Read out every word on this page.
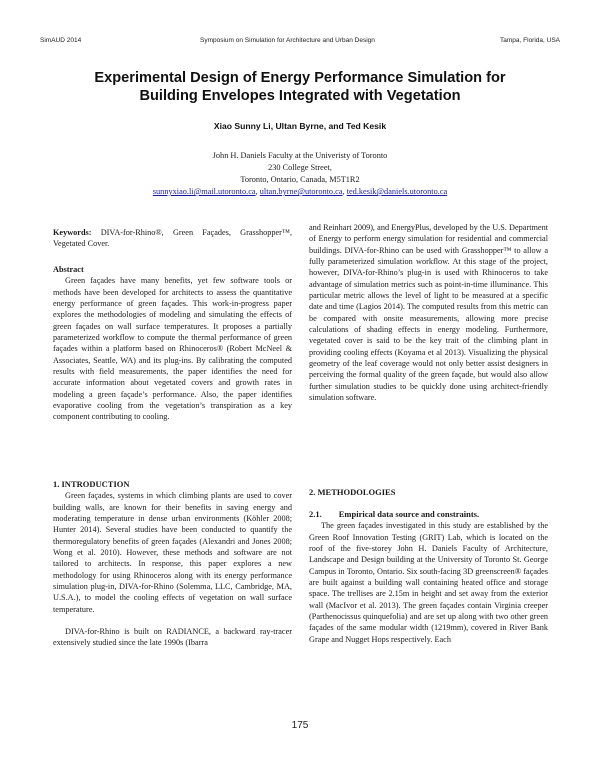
SimAUD 2014	Symposium on Simulation for Architecture and Urban Design	Tampa, Florida, USA
Experimental Design of Energy Performance Simulation for
Building Envelopes Integrated with Vegetation
Xiao Sunny Li, Ultan Byrne, and Ted Kesik
John H. Daniels Faculty at the Univeristy of Toronto
230 College Street,
Toronto, Ontario, Canada, M5T1R2
sunnyxiao.li@mail.utoronto.ca, ultan.byrne@utoronto.ca, ted.kesik@daniels.utoronto.ca

Keywords: DIVA-for-Rhino®, Green Façades, Grasshopper™, Vegetated Cover.

Abstract

Green façades have many benefits, yet few software tools or methods have been developed for architects to assess the quantitative energy performance of green façades. This work-in-progress paper explores the methodologies of modeling and simulating the effects of green façades on wall surface temperatures. It proposes a partially parameterized workflow to compute the thermal performance of green façades within a platform based on Rhinoceros® (Robert McNeel & Associates, Seattle, WA) and its plug-ins. By calibrating the computed results with field measurements, the paper identifies the need for accurate information about vegetated covers and growth rates in modeling a green façade’s performance. Also, the paper identifies evaporative cooling from the vegetation’s transpiration as a key component contributing to cooling.

1. INTRODUCTION

Green façades, systems in which climbing plants are used to cover building walls, are known for their benefits in saving energy and moderating temperature in dense urban environments (Köhler 2008; Hunter 2014). Several studies have been conducted to quantify the thermoregulatory benefits of green façades (Alexandri and Jones 2008; Wong et al. 2010). However, these methods and software are not tailored to architects. In response, this paper explores a new methodology for using Rhinoceros along with its energy performance simulation plug-in, DIVA-for-Rhino (Solemma, LLC, Cambridge, MA, U.S.A.), to model the cooling effects of vegetation on wall surface temperature.

DIVA-for-Rhino is built on RADIANCE, a backward ray-tracer extensively studied since the late 1990s (Ibarra

and Reinhart 2009), and EnergyPlus, developed by the U.S. Department of Energy to perform energy simulation for residential and commercial buildings. DIVA-for-Rhino can be used with Grasshopper™ to allow a fully parameterized simulation workflow. At this stage of the project, however, DIVA-for-Rhino’s plug-in is used with Rhinoceros to take advantage of simulation metrics such as point-in-time illuminance. This particular metric allows the level of light to be measured at a specific date and time (Lagios 2014). The computed results from this metric can be compared with onsite measurements, allowing more precise calculations of shading effects in energy modeling. Furthermore, vegetated cover is said to be the key trait of the climbing plant in providing cooling effects (Koyama et al 2013). Visualizing the physical geometry of the leaf coverage would not only better assist designers in perceiving the formal quality of the green façade, but would also allow further simulation studies to be quickly done using architect-friendly simulation software.

2. METHODOLOGIES

2.1.        Empirical data source and constraints.

The green façades investigated in this study are established by the Green Roof Innovation Testing (GRIT) Lab, which is located on the roof of the five-storey John H. Daniels Faculty of Architecture, Landscape and Design building at the University of Toronto St. George Campus in Toronto, Ontario. Six south-facing 3D greenscreen® façades are built against a building wall containing heated office and storage space. The trellises are 2.15m in height and set away from the exterior wall (MacIvor et al. 2013). The green façades contain Virginia creeper (Parthenocissus quinquefolia) and are set up along with two other green façades of the same modular width (1219mm), covered in River Bank Grape and Nugget Hops respectively. Each

175
